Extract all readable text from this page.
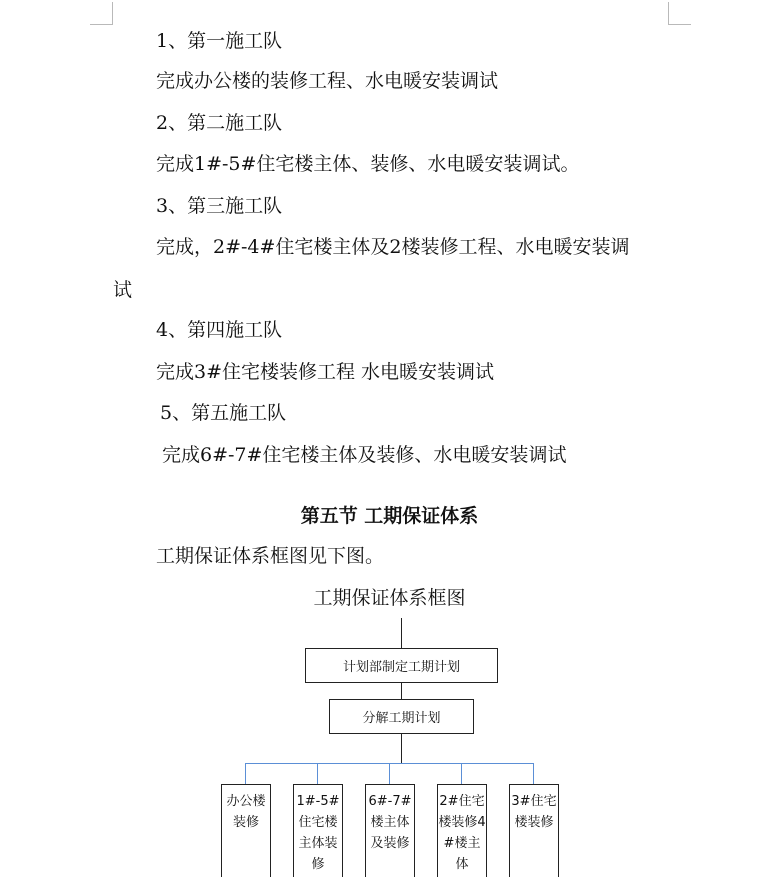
1、第一施工队
完成办公楼的装修工程、水电暖安装调试
2、第二施工队
完成1#-5#住宅楼主体、装修、水电暖安装调试。
3、第三施工队
完成，2#-4#住宅楼主体及2楼装修工程、水电暖安装调
试
4、第四施工队
完成3#住宅楼装修工程 水电暖安装调试
5、第五施工队
完成6#-7#住宅楼主体及装修、水电暖安装调试
第五节 工期保证体系
工期保证体系框图见下图。
工期保证体系框图
计划部制定工期计划
分解工期计划
办公楼装修
1#-5#住宅楼主体装修
6#-7#楼主体及装修
2#住宅楼装修4#楼主体
3#住宅楼装修
